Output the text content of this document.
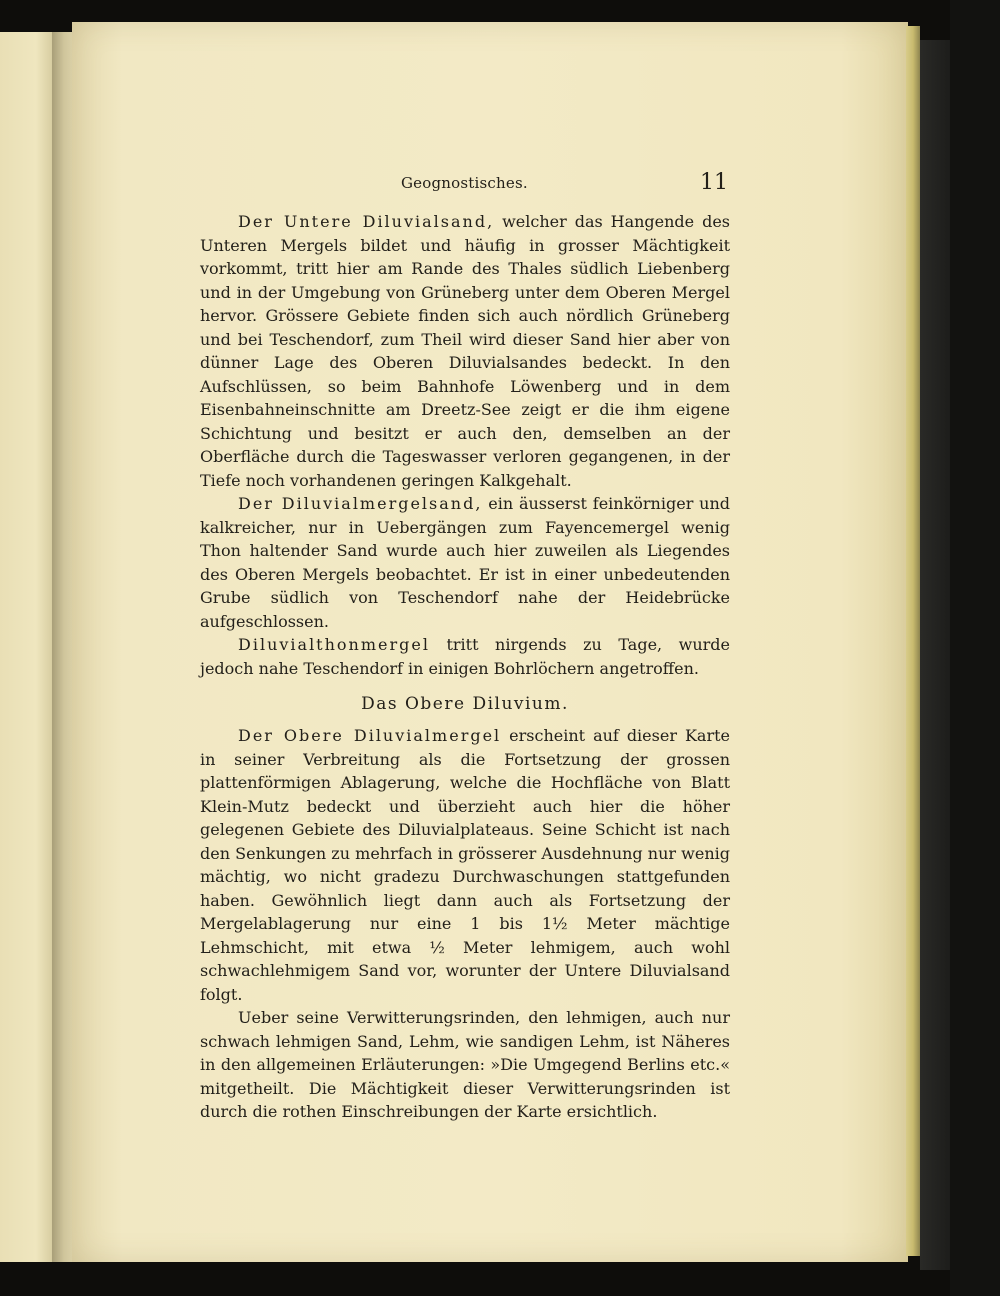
Geognostisches.	11

Der Untere Diluvialsand, welcher das Hangende des Unteren Mergels bildet und häufig in grosser Mächtigkeit vorkommt, tritt hier am Rande des Thales südlich Liebenberg und in der Umgebung von Grüneberg unter dem Oberen Mergel hervor. Grössere Gebiete finden sich auch nördlich Grüneberg und bei Teschendorf, zum Theil wird dieser Sand hier aber von dünner Lage des Oberen Diluvialsandes bedeckt. In den Aufschlüssen, so beim Bahnhofe Löwenberg und in dem Eisenbahneinschnitte am Dreetz-See zeigt er die ihm eigene Schichtung und besitzt er auch den, demselben an der Oberfläche durch die Tageswasser verloren gegangenen, in der Tiefe noch vorhandenen geringen Kalkgehalt.

Der Diluvialmergelsand, ein äusserst feinkörniger und kalkreicher, nur in Uebergängen zum Fayencemergel wenig Thon haltender Sand wurde auch hier zuweilen als Liegendes des Oberen Mergels beobachtet. Er ist in einer unbedeutenden Grube südlich von Teschendorf nahe der Heidebrücke aufgeschlossen.

Diluvialthonmergel tritt nirgends zu Tage, wurde jedoch nahe Teschendorf in einigen Bohrlöchern angetroffen.

Das Obere Diluvium.

Der Obere Diluvialmergel erscheint auf dieser Karte in seiner Verbreitung als die Fortsetzung der grossen plattenförmigen Ablagerung, welche die Hochfläche von Blatt Klein-Mutz bedeckt und überzieht auch hier die höher gelegenen Gebiete des Diluvialplateaus. Seine Schicht ist nach den Senkungen zu mehrfach in grösserer Ausdehnung nur wenig mächtig, wo nicht gradezu Durchwaschungen stattgefunden haben. Gewöhnlich liegt dann auch als Fortsetzung der Mergelablagerung nur eine 1 bis 1½ Meter mächtige Lehmschicht, mit etwa ½ Meter lehmigem, auch wohl schwachlehmigem Sand vor, worunter der Untere Diluvialsand folgt.

Ueber seine Verwitterungsrinden, den lehmigen, auch nur schwach lehmigen Sand, Lehm, wie sandigen Lehm, ist Näheres in den allgemeinen Erläuterungen: »Die Umgegend Berlins etc.« mitgetheilt. Die Mächtigkeit dieser Verwitterungsrinden ist durch die rothen Einschreibungen der Karte ersichtlich.
